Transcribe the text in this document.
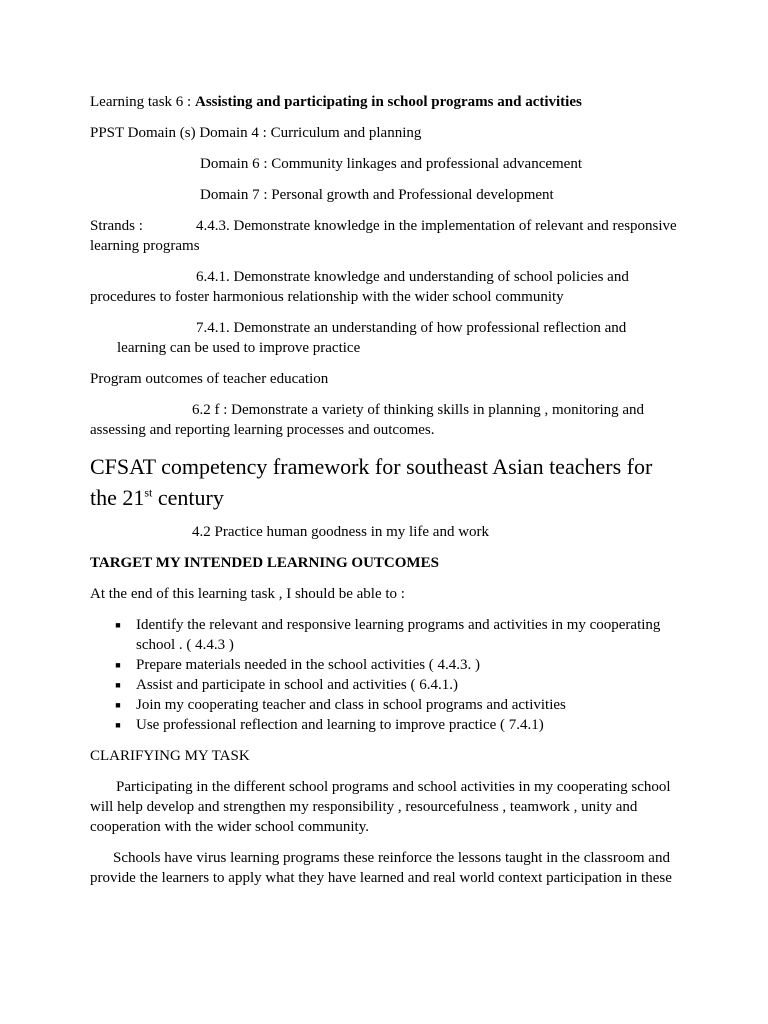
Learning task 6 : Assisting and participating in school programs and activities

PPST Domain (s) Domain 4 : Curriculum and planning

Domain 6 : Community linkages and professional advancement

Domain 7 : Personal growth and Professional development

Strands :	4.4.3. Demonstrate knowledge in the implementation of relevant and responsive learning programs

6.4.1. Demonstrate knowledge and understanding of school policies and procedures to foster harmonious relationship with the wider school community

7.4.1. Demonstrate an understanding of how professional reflection and
learning can be used to improve practice

Program outcomes of teacher education

6.2 f : Demonstrate a variety of thinking skills in planning , monitoring and assessing and reporting learning processes and outcomes.

CFSAT competency framework for southeast Asian teachers for the 21st century

4.2 Practice human goodness in my life and work

TARGET MY INTENDED LEARNING OUTCOMES

At the end of this learning task , I should be able to :

■ Identify the relevant and responsive learning programs and activities in my cooperating school . ( 4.4.3 )
■ Prepare materials needed in the school activities ( 4.4.3. )
■ Assist and participate in school and activities ( 6.4.1.)
■ Join my cooperating teacher and class in school programs and activities
■ Use professional reflection and learning to improve practice ( 7.4.1)

CLARIFYING MY TASK

Participating in the different school programs and school activities in my cooperating school will help develop and strengthen my responsibility , resourcefulness , teamwork , unity and cooperation with the wider school community.

Schools have virus learning programs these reinforce the lessons taught in the classroom and provide the learners to apply what they have learned and real world context participation in these
